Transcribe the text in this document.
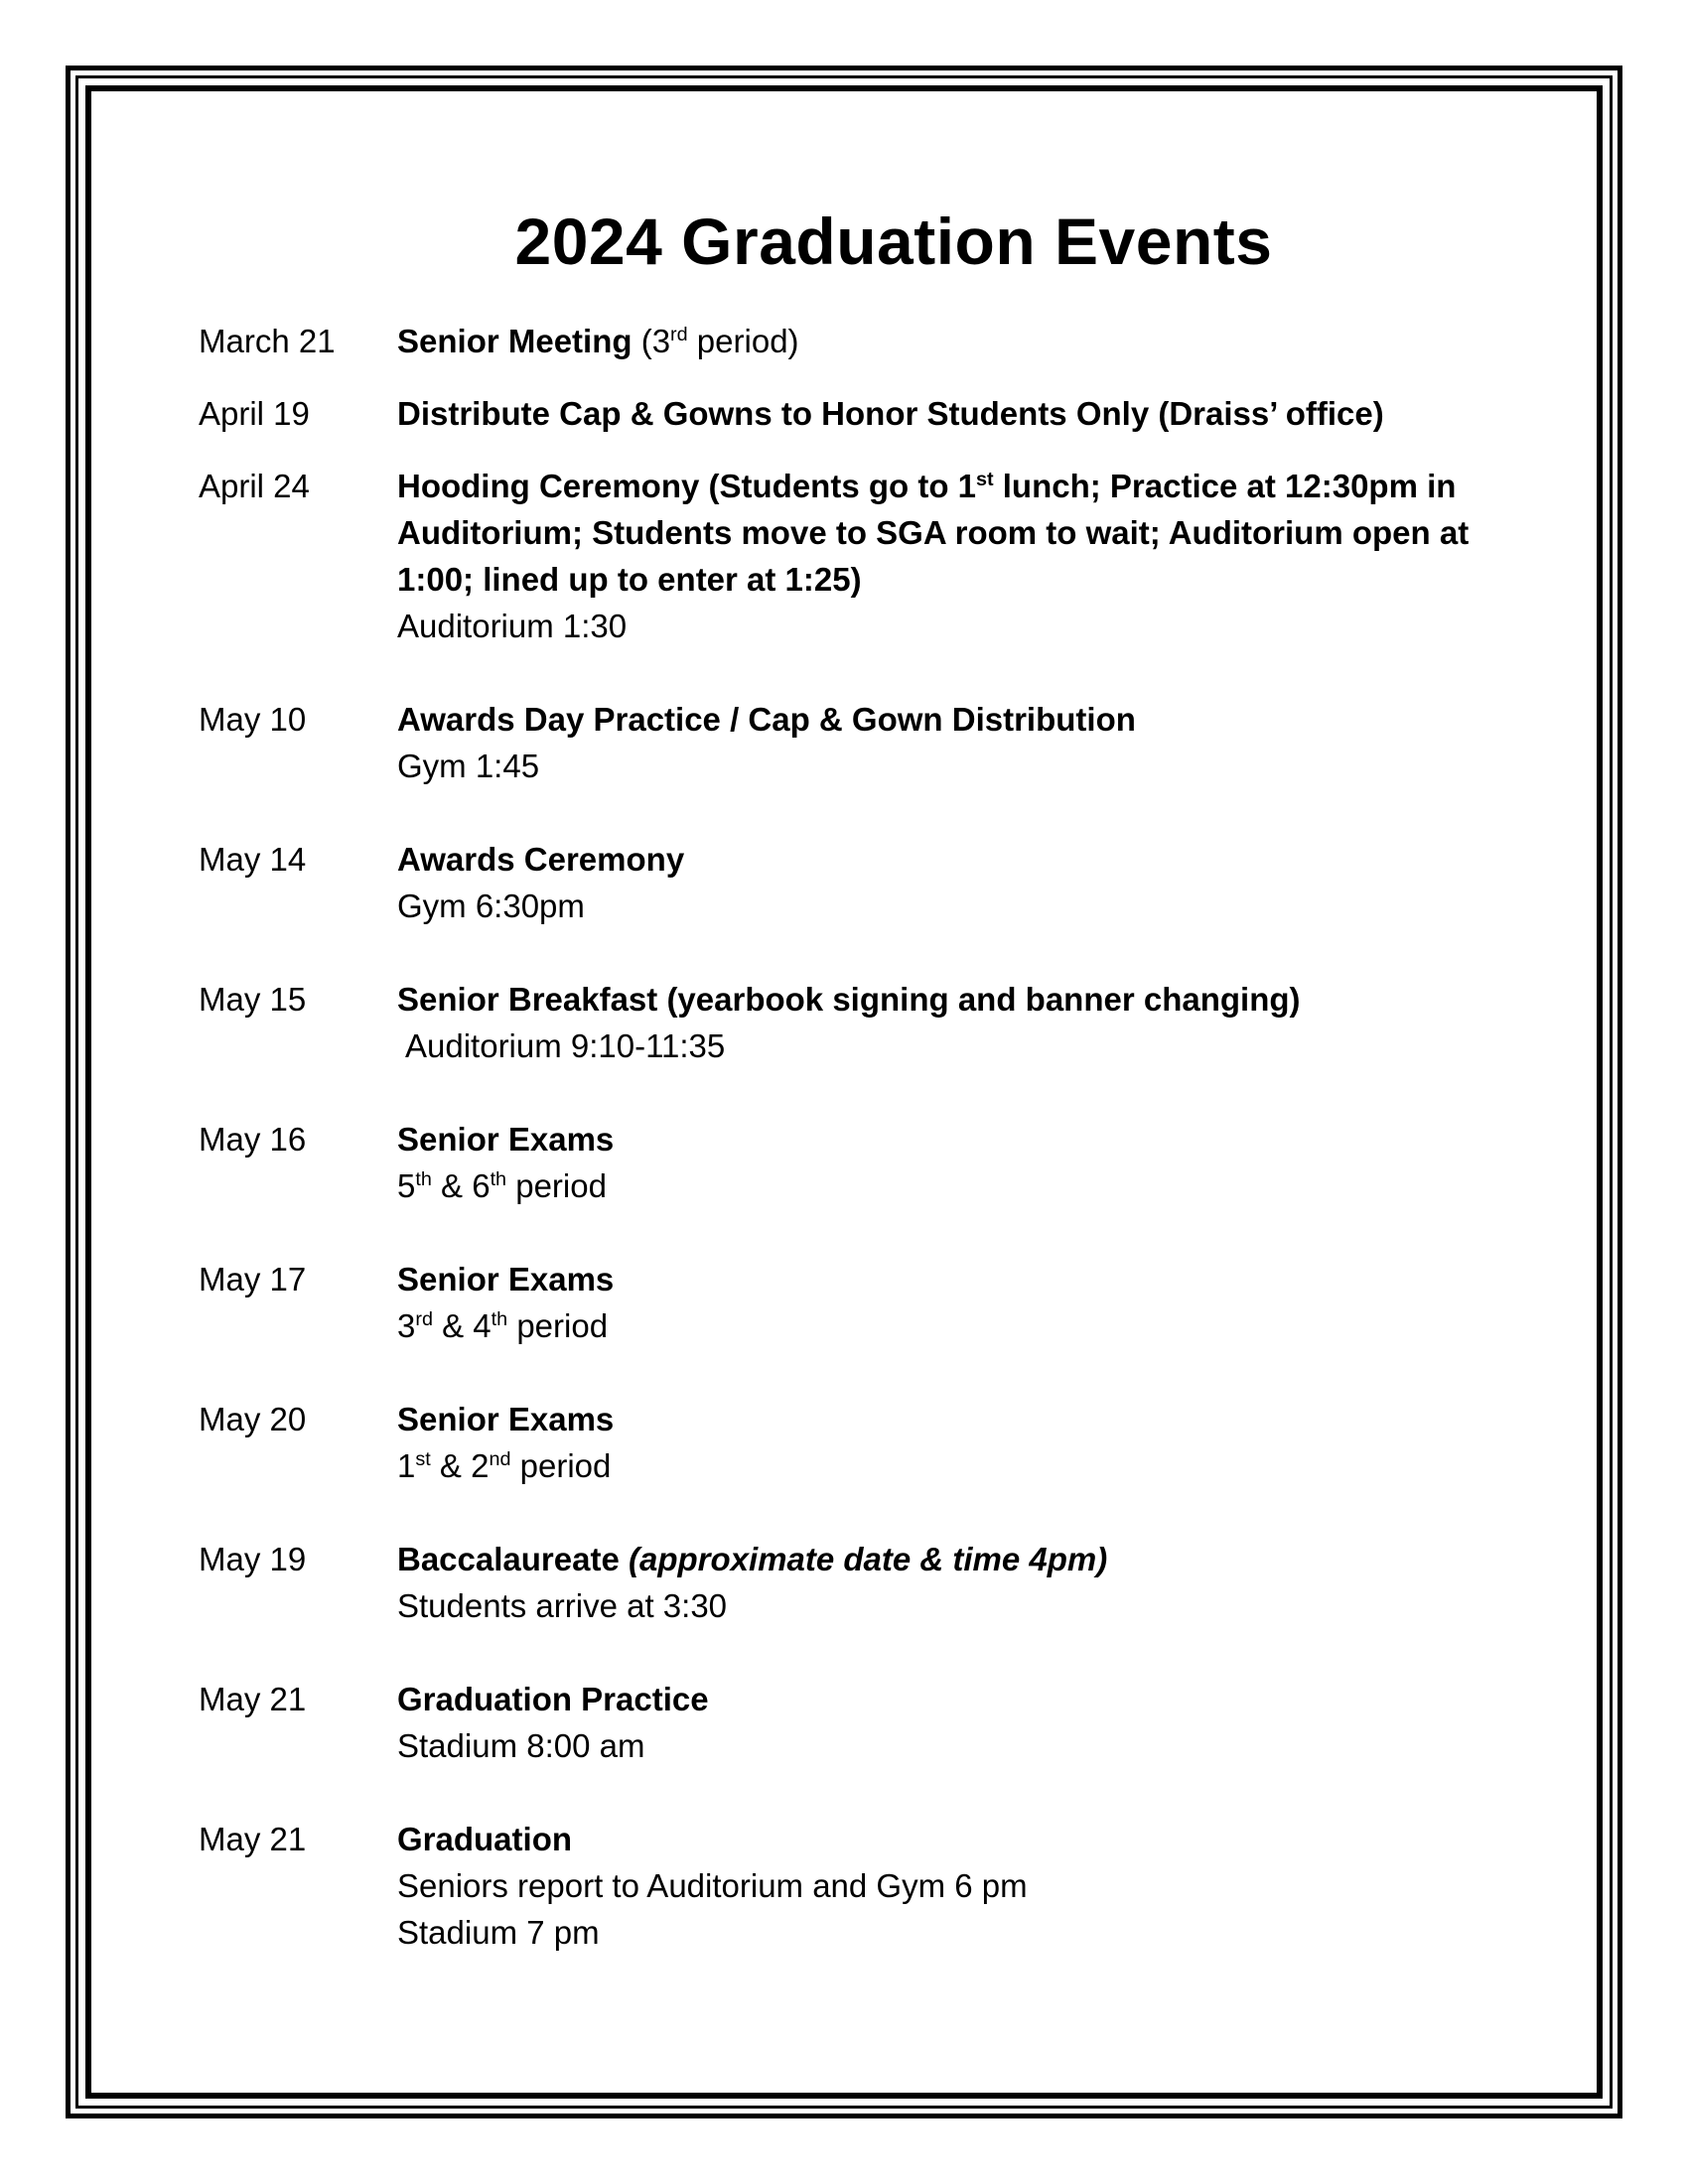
2024 Graduation Events
March 21	Senior Meeting (3rd period)
April 19	Distribute Cap & Gowns to Honor Students Only (Draiss’ office)
April 24	Hooding Ceremony (Students go to 1st lunch; Practice at 12:30pm in Auditorium; Students move to SGA room to wait; Auditorium open at 1:00; lined up to enter at 1:25)
Auditorium 1:30
May 10	Awards Day Practice / Cap & Gown Distribution
Gym 1:45
May 14	Awards Ceremony
Gym 6:30pm
May 15	Senior Breakfast (yearbook signing and banner changing)
Auditorium 9:10-11:35
May 16	Senior Exams
5th & 6th period
May 17	Senior Exams
3rd & 4th period
May 20	Senior Exams
1st & 2nd period
May 19	Baccalaureate (approximate date & time 4pm)
Students arrive at 3:30
May 21	Graduation Practice
Stadium 8:00 am
May 21	Graduation
Seniors report to Auditorium and Gym 6 pm
Stadium 7 pm
